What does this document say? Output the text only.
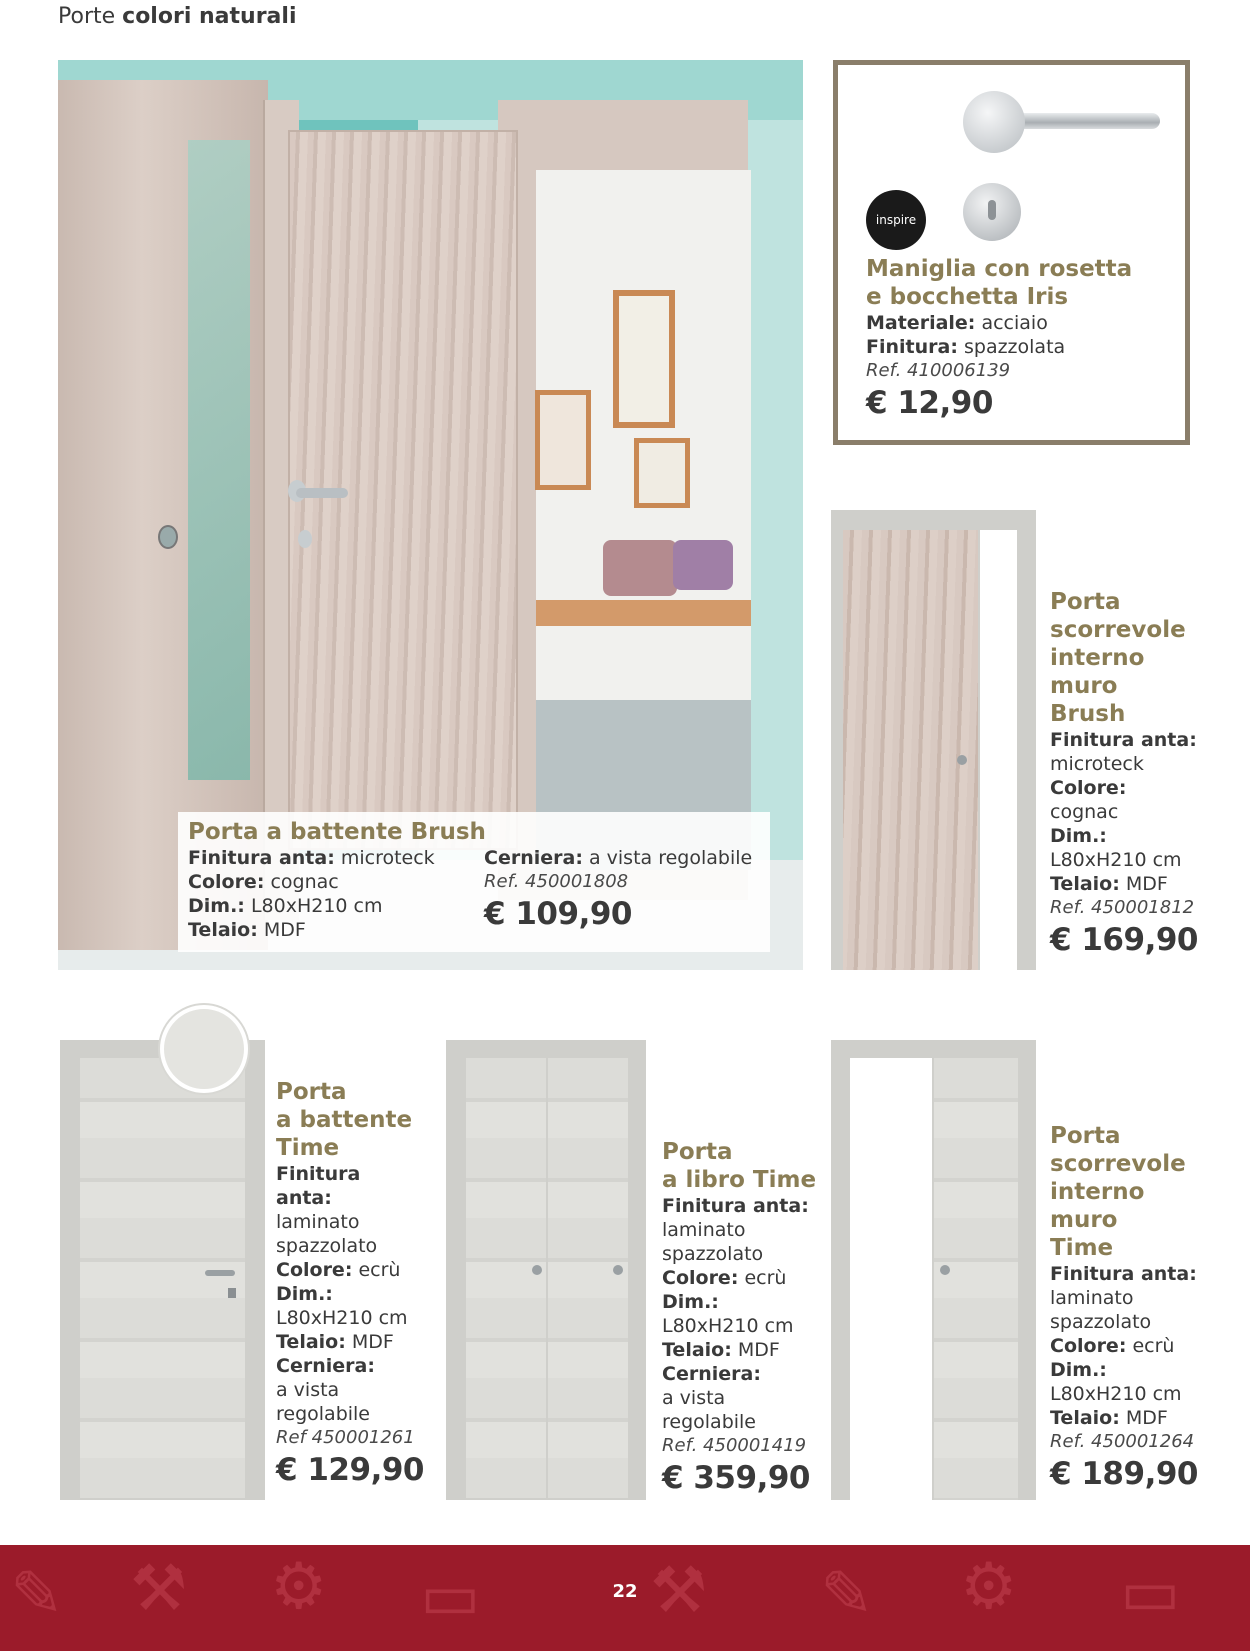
Porte colori naturali
Porta a battente Brush
Finitura anta: microteck
Colore: cognac
Dim.: L80xH210 cm
Telaio: MDF
Cerniera: a vista regolabile
Ref. 450001808
€ 109,90
inspire
Maniglia con rosetta
e bocchetta Iris
Materiale: acciaio
Finitura: spazzolata
Ref. 410006139
€ 12,90
Porta
scorrevole
interno
muro
Brush
Finitura anta:
microteck
Colore:
cognac
Dim.:
L80xH210 cm
Telaio: MDF
Ref. 450001812
€ 169,90
Porta
a battente
Time
Finitura
anta:
laminato
spazzolato
Colore: ecrù
Dim.:
L80xH210 cm
Telaio: MDF
Cerniera:
a vista
regolabile
Ref 450001261
€ 129,90
Porta
a libro Time
Finitura anta:
laminato
spazzolato
Colore: ecrù
Dim.:
L80xH210 cm
Telaio: MDF
Cerniera:
a vista
regolabile
Ref. 450001419
€ 359,90
Porta
scorrevole
interno
muro
Time
Finitura anta:
laminato
spazzolato
Colore: ecrù
Dim.:
L80xH210 cm
Telaio: MDF
Ref. 450001264
€ 189,90
✎ ⚒ ⚙ ▭	⚒ ✎ ⚙ ▭
22
